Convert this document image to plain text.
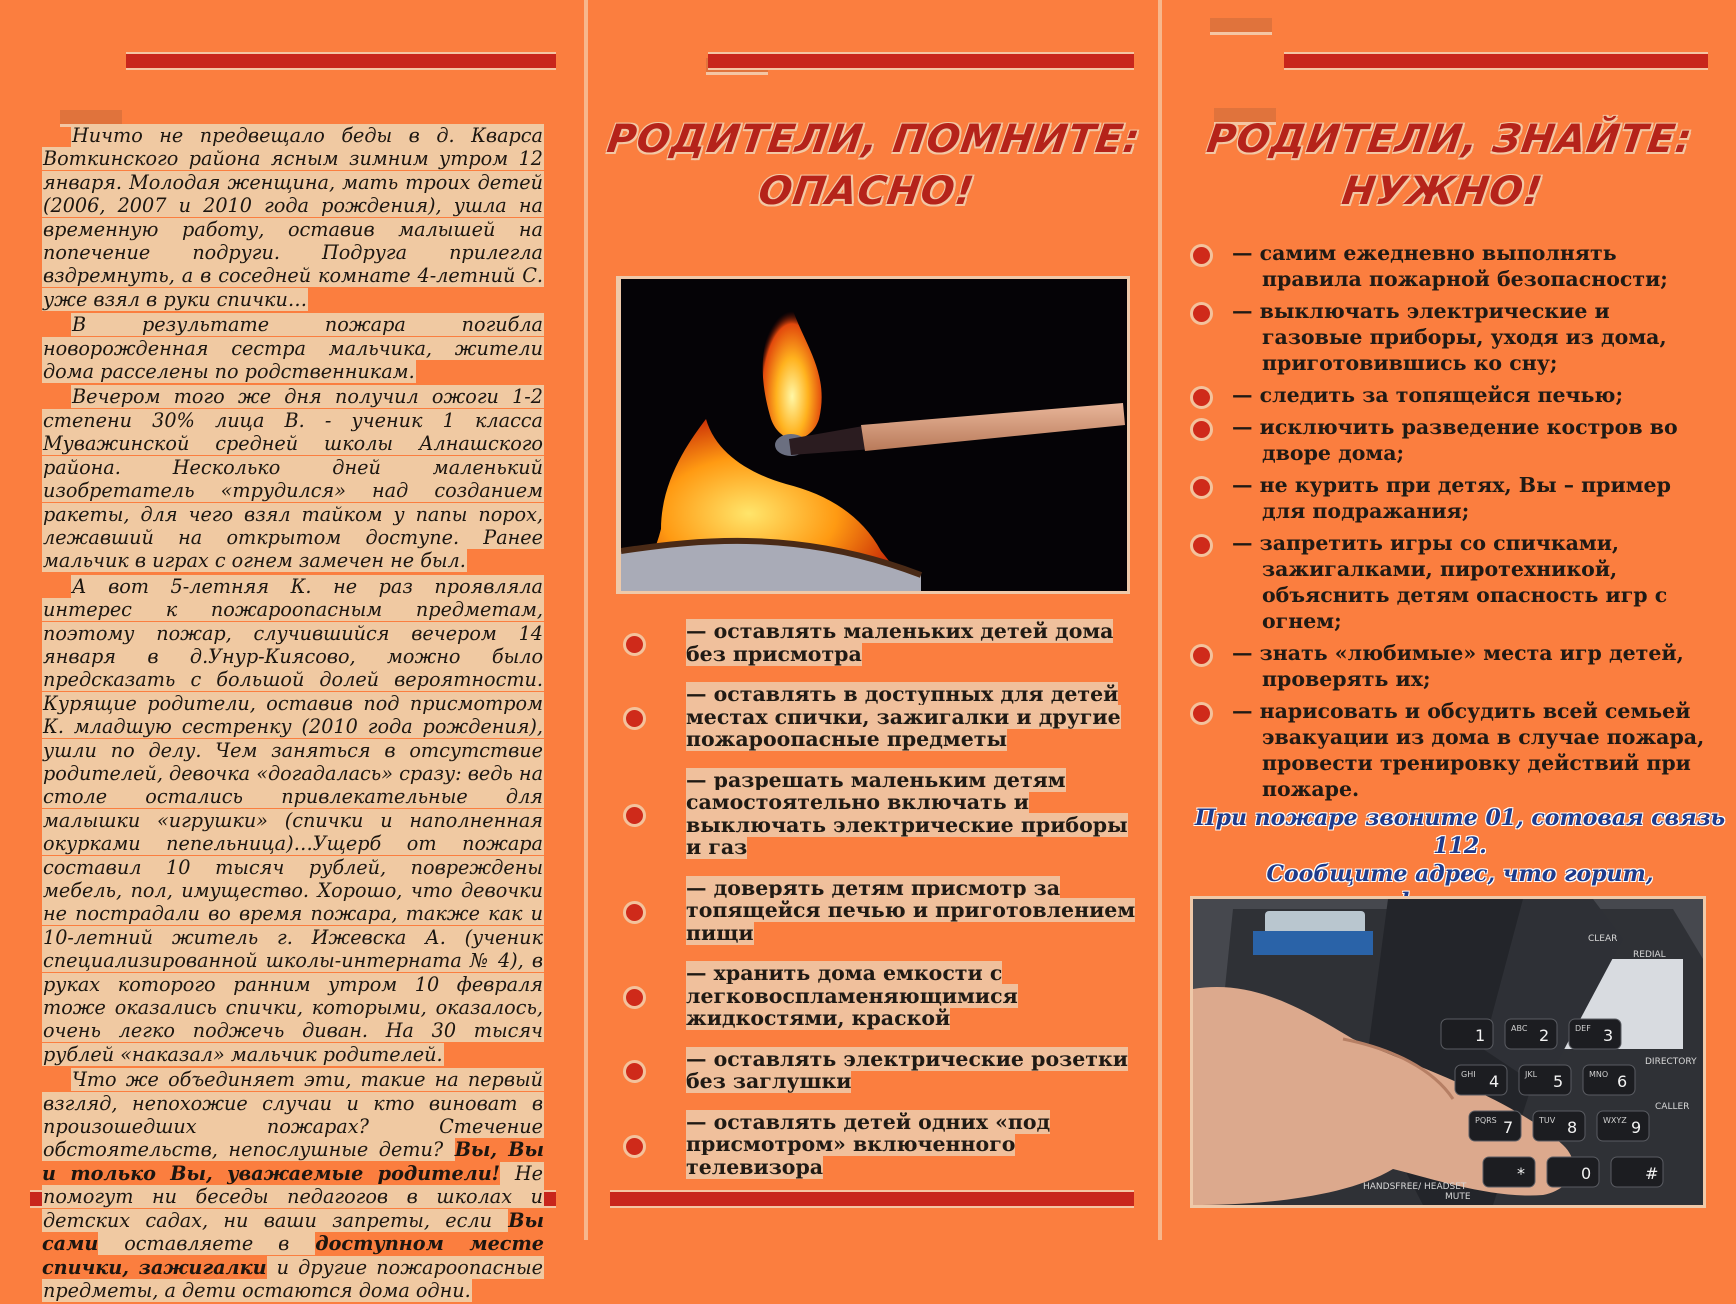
Ничто не предвещало беды в д. Кварса Воткинского района ясным зимним утром 12 января. Молодая женщина, мать троих детей (2006, 2007 и 2010 года рождения), ушла на временную работу, оставив малышей на попечение подруги. Подруга прилегла вздремнуть, а в соседней комнате 4-летний С. уже взял в руки спички…

В результате пожара погибла новорожденная сестра мальчика, жители дома расселены по родственникам.

Вечером того же дня получил ожоги 1-2 степени 30% лица В. - ученик 1 класса Муважинской средней школы Алнашского района. Несколько дней маленький изобретатель «трудился» над созданием ракеты, для чего взял тайком у папы порох, лежавший на открытом доступе. Ранее мальчик в играх с огнем замечен не был.

А вот 5-летняя К. не раз проявляла интерес к пожароопасным предметам, поэтому пожар, случившийся вечером 14 января в д.Унур-Киясово, можно было предсказать с большой долей вероятности. Курящие родители, оставив под присмотром К. младшую сестренку (2010 года рождения), ушли по делу. Чем заняться в отсутствие родителей, девочка «догадалась» сразу: ведь на столе остались привлекательные для малышки «игрушки» (спички и наполненная окурками пепельница)…Ущерб от пожара составил 10 тысяч рублей, повреждены мебель, пол, имущество. Хорошо, что девочки не пострадали во время пожара, также как и 10-летний житель г. Ижевска А. (ученик специализированной школы-интерната № 4), в руках которого ранним утром 10 февраля тоже оказались спички, которыми, оказалось, очень легко поджечь диван. На 30 тысяч рублей «наказал» мальчик родителей.

Что же объединяет эти, такие на первый взгляд, непохожие случаи и кто виноват в произошедших пожарах? Стечение обстоятельств, непослушные дети? Вы, Вы и только Вы, уважаемые родители! Не помогут ни беседы педагогов в школах и детских садах, ни ваши запреты, если Вы сами оставляете в доступном месте спички, зажигалки и другие пожароопасные предметы, а дети остаются дома одни.

РОДИТЕЛИ, ПОМНИТЕ:
ОПАСНО!
— оставлять маленьких детей дома без присмотра
— оставлять в доступных для детей местах спички, зажигалки и другие пожароопасные предметы
— разрешать маленьким детям самостоятельно включать и выключать электрические приборы и газ
— доверять детям присмотр за топящейся печью и приготовлением пищи
— хранить дома емкости с легковоспламеняющимися жидкостями, краской
— оставлять электрические розетки без заглушки
— оставлять детей одних «под присмотром» включенного телевизора
РОДИТЕЛИ, ЗНАЙТЕ:
НУЖНО!
— самим ежедневно выполнять правила пожарной безопасности;
— выключать электрические и газовые приборы, уходя из дома, приготовившись ко сну;
— следить за топящейся печью;
— исключить разведение костров во дворе дома;
— не курить при детях, Вы – пример для подражания;
— запретить игры со спичками, зажигалками, пиротехникой, объяснить детям опасность игр с огнем;
— знать «любимые» места игр детей, проверять их;
— нарисовать и обсудить всей семьей эвакуации из дома в случае пожара, провести тренировку действий при пожаре.
При пожаре звоните 01, сотовая связь 112.
Сообщите адрес, что горит,
1	2
ABC	3
DEF
4
GHI	5
JKL	6
MNO
7
PQRS	8
TUV	9
WXYZ
*	0	#
HANDSFREE/ HEADSET
MUTE
CLEAR
REDIAL
DIRECTORY
CALLER
